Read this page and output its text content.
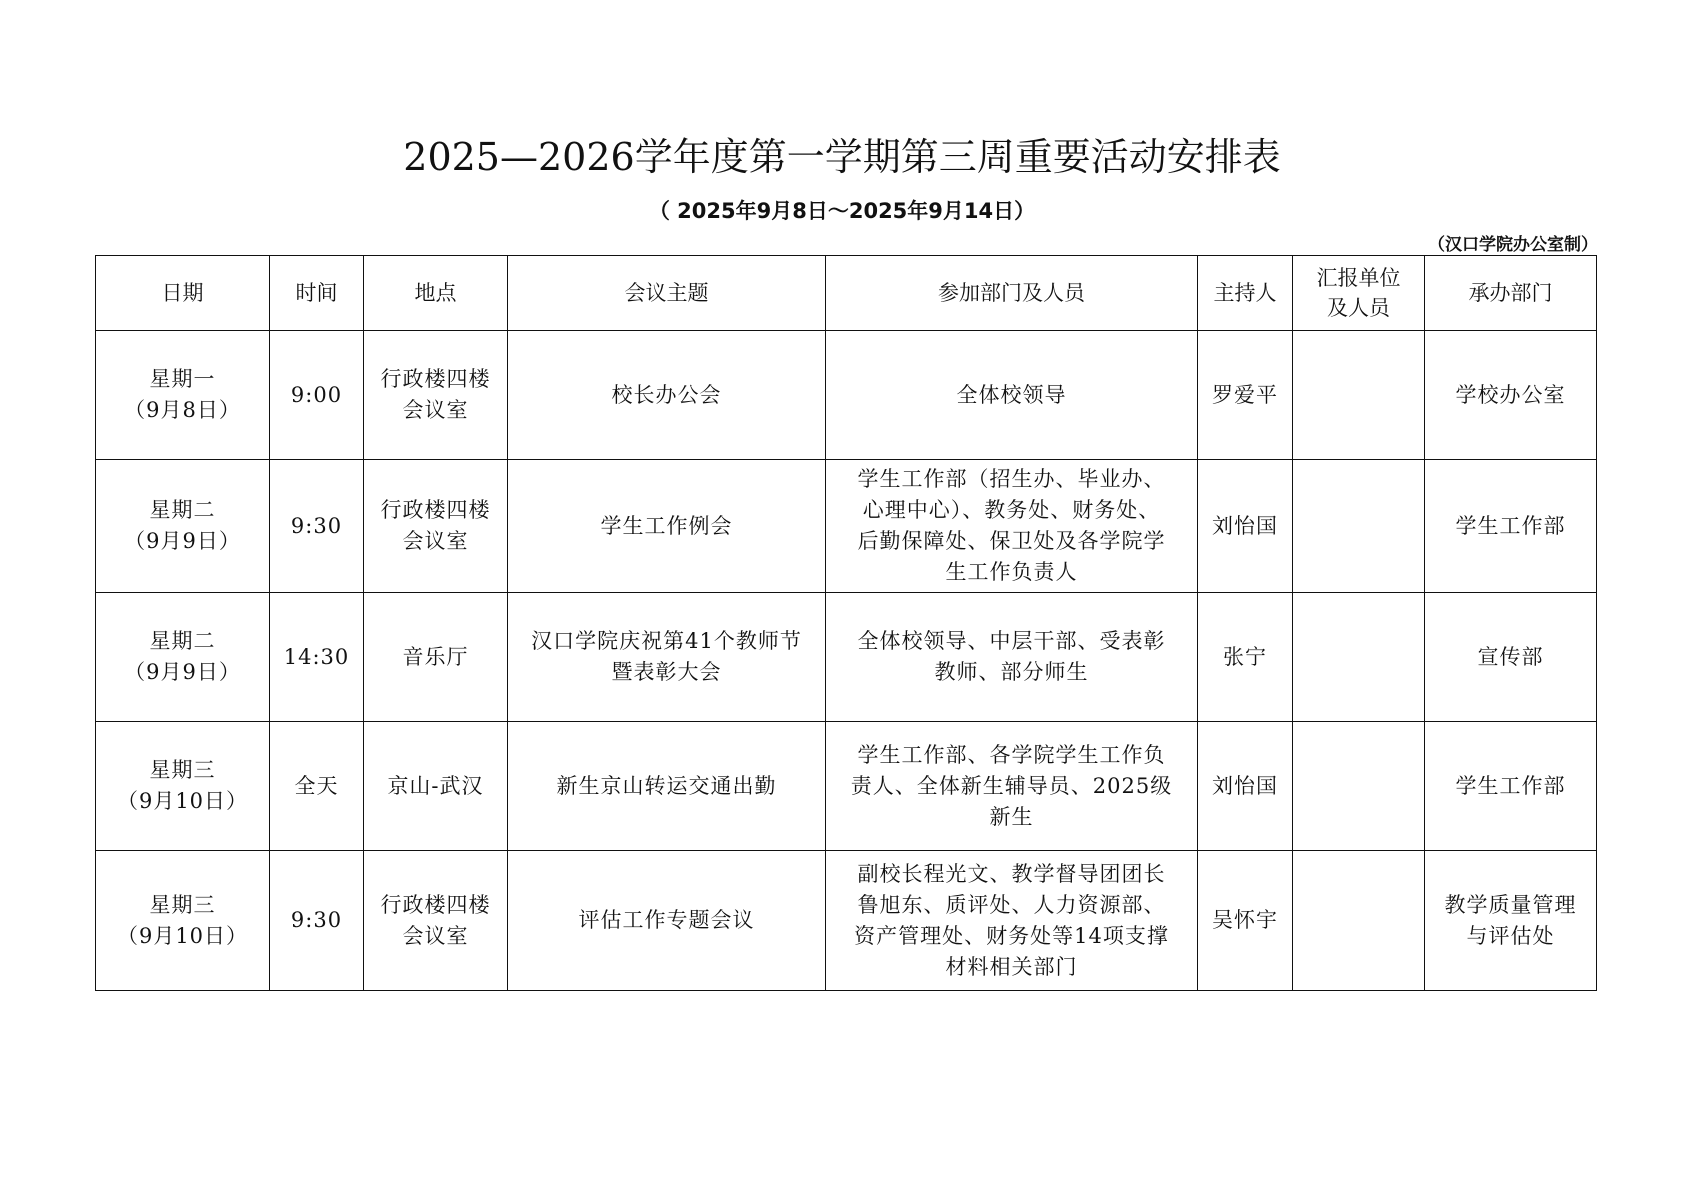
2025—2026学年度第一学期第三周重要活动安排表
（ 2025年9月8日～2025年9月14日）
（汉口学院办公室制）
日期	时间	地点	会议主题	参加部门及人员	主持人	汇报单位
及人员	承办部门

星期一
（9月8日）	9:00	行政楼四楼
会议室	校长办公会	全体校领导	罗爱平		学校办公室

星期二
（9月9日）	9:30	行政楼四楼
会议室	学生工作例会	学生工作部（招生办、毕业办、
心理中心）、教务处、财务处、
后勤保障处、保卫处及各学院学
生工作负责人	刘怡国		学生工作部

星期二
（9月9日）	14:30	音乐厅	汉口学院庆祝第41个教师节
暨表彰大会	全体校领导、中层干部、受表彰
教师、部分师生	张宁		宣传部

星期三
（9月10日）	全天	京山-武汉	新生京山转运交通出勤	学生工作部、各学院学生工作负
责人、全体新生辅导员、2025级
新生	刘怡国		学生工作部

星期三
（9月10日）	9:30	行政楼四楼
会议室	评估工作专题会议	副校长程光文、教学督导团团长
鲁旭东、质评处、人力资源部、
资产管理处、财务处等14项支撑
材料相关部门	吴怀宇		教学质量管理
与评估处
